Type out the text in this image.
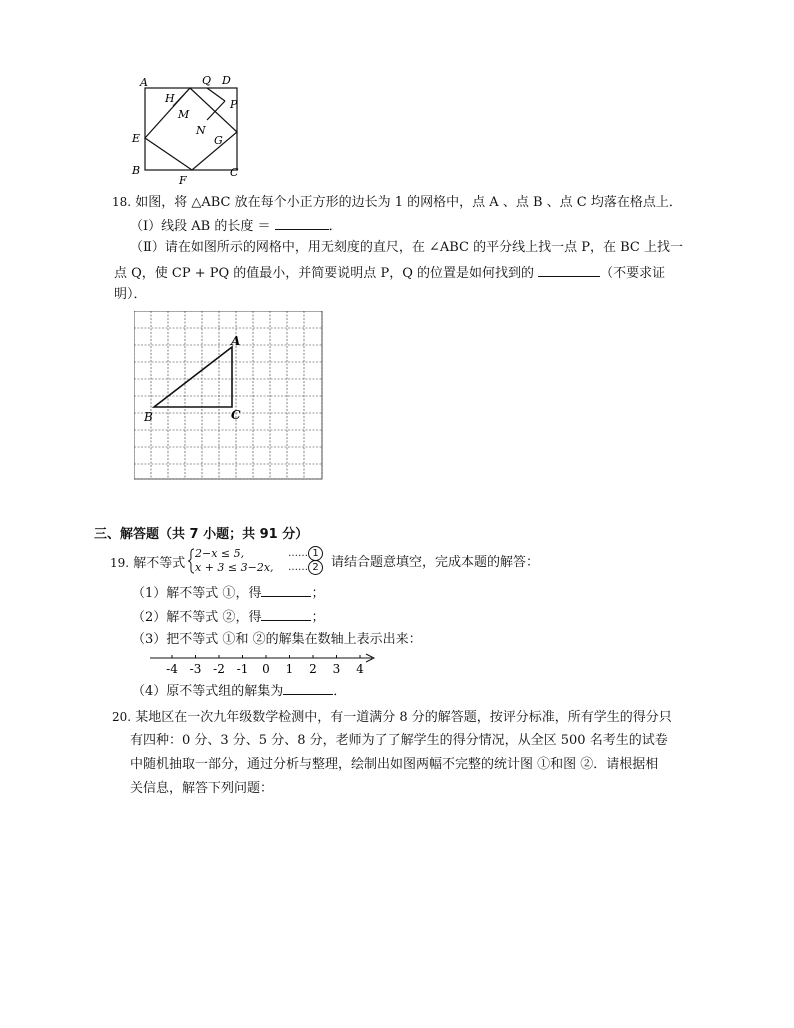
A	Q D
H	P
M
N
E	G
B	C
F
18. 如图，将 △ABC 放在每个小正方形的边长为 1 的网格中，点 A 、点 B 、点 C 均落在格点上．
（Ⅰ）线段 AB 的长度 ＝	．
（Ⅱ）请在如图所示的网格中，用无刻度的直尺，在 ∠ABC 的平分线上找一点 P，在 BC 上找一
点 Q，使 CP + PQ 的值最小，并简要说明点 P，Q 的位置是如何找到的	（不要求证
明）．
A
B	C
三、解答题（共 7 小题；共 91 分）
19. 解不等式
2−x ≤ 5,
x + 3 ≤ 3−2x,
…… 1
…… 2 请结合题意填空，完成本题的解答：
（1）解不等式 ①，得	；
（2）解不等式 ②，得	；
（3）把不等式 ①和 ②的解集在数轴上表示出来：
-4 -3 -2 -1 0 1 2 3 4
（4）原不等式组的解集为	．
20. 某地区在一次九年级数学检测中，有一道满分 8 分的解答题，按评分标准，所有学生的得分只
有四种：0 分、3 分、5 分、8 分，老师为了了解学生的得分情况，从全区 500 名考生的试卷
中随机抽取一部分，通过分析与整理，绘制出如图两幅不完整的统计图 ①和图 ②．请根据相
关信息，解答下列问题：
